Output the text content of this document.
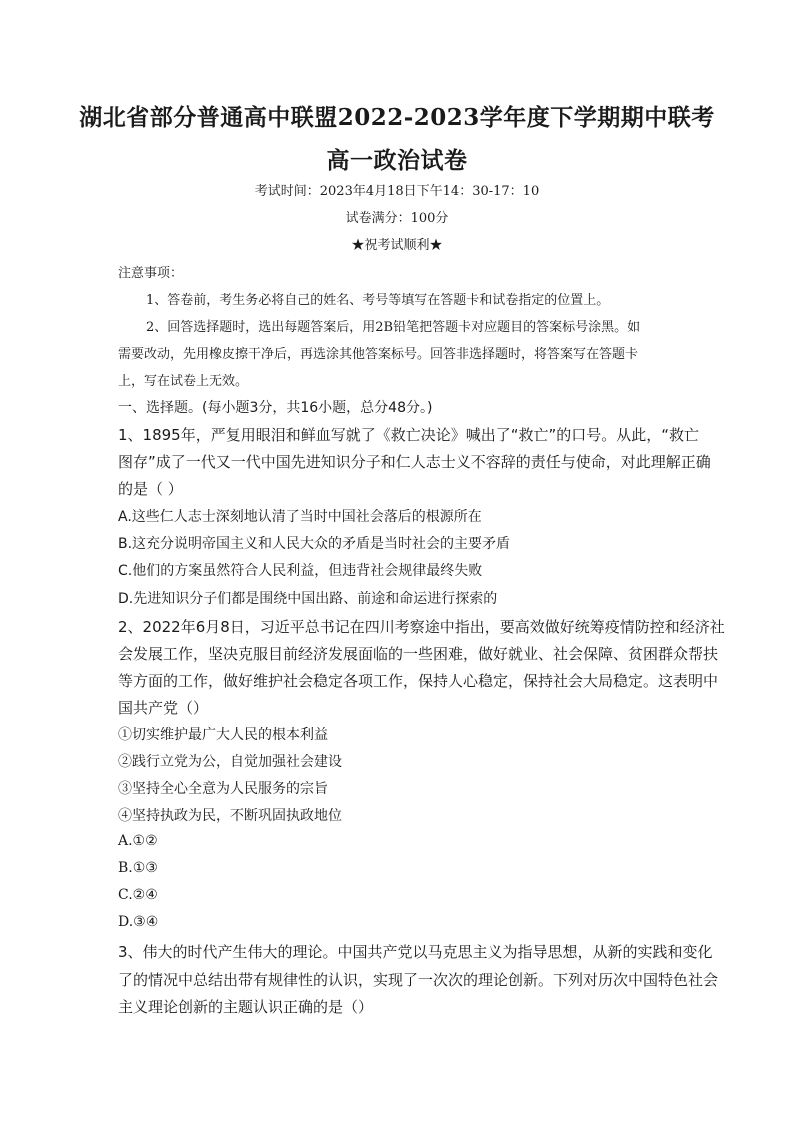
湖北省部分普通高中联盟2022-2023学年度下学期期中联考
高一政治试卷
考试时间：2023年4月18日下午14：30-17：10
试卷满分：100分
★祝考试顺利★
注意事项：
1、答卷前，考生务必将自己的姓名、考号等填写在答题卡和试卷指定的位置上。
2、回答选择题时，选出每题答案后，用2B铅笔把答题卡对应题目的答案标号涂黑。如
需要改动，先用橡皮擦干净后，再选涂其他答案标号。回答非选择题时，将答案写在答题卡
上，写在试卷上无效。
一、选择题。(每小题3分，共16小题，总分48分。)
1、1895年，严复用眼泪和鲜血写就了《救亡决论》喊出了“救亡”的口号。从此，“救亡
图存”成了一代又一代中国先进知识分子和仁人志士义不容辞的责任与使命，对此理解正确
的是（ ）
A.这些仁人志士深刻地认清了当时中国社会落后的根源所在
B.这充分说明帝国主义和人民大众的矛盾是当时社会的主要矛盾
C.他们的方案虽然符合人民利益，但违背社会规律最终失败
D.先进知识分子们都是围绕中国出路、前途和命运进行探索的
2、2022年6月8日，习近平总书记在四川考察途中指出，要高效做好统筹疫情防控和经济社
会发展工作，坚决克服目前经济发展面临的一些困难，做好就业、社会保障、贫困群众帮扶
等方面的工作，做好维护社会稳定各项工作，保持人心稳定，保持社会大局稳定。这表明中
国共产党（）
①切实维护最广大人民的根本利益
②践行立党为公，自觉加强社会建设
③坚持全心全意为人民服务的宗旨
④坚持执政为民，不断巩固执政地位
A.①②
B.①③
C.②④
D.③④
3、伟大的时代产生伟大的理论。中国共产党以马克思主义为指导思想，从新的实践和变化
了的情况中总结出带有规律性的认识，实现了一次次的理论创新。下列对历次中国特色社会
主义理论创新的主题认识正确的是（）
